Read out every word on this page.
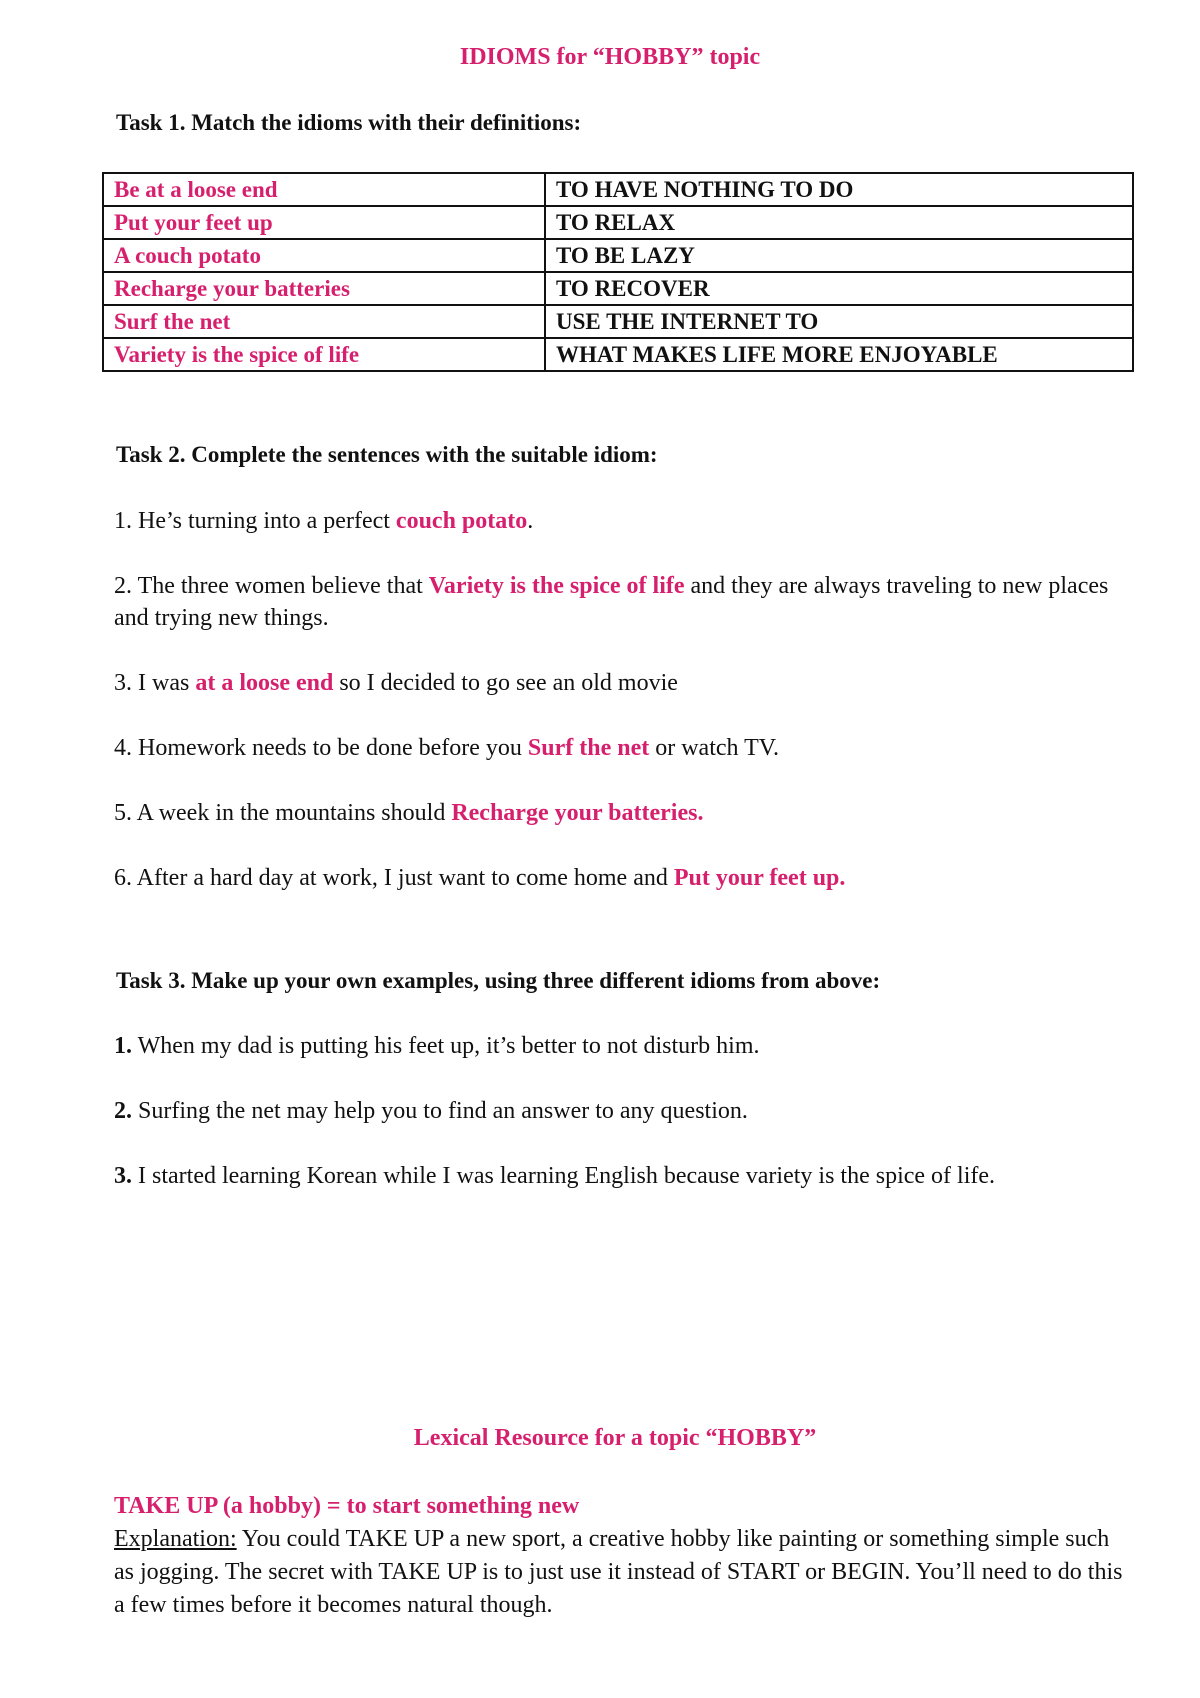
IDIOMS for “HOBBY” topic
Task 1. Match the idioms with their definitions:
Be at a loose end	TO HAVE NOTHING TO DO
Put your feet up	TO RELAX
A couch potato	TO BE LAZY
Recharge your batteries	TO RECOVER
Surf the net	USE THE INTERNET TO
Variety is the spice of life	WHAT MAKES LIFE MORE ENJOYABLE
Task 2. Complete the sentences with the suitable idiom:

1. He’s turning into a perfect couch potato.

2. The three women believe that Variety is the spice of life and they are always traveling to new places and trying new things.

3. I was at a loose end so I decided to go see an old movie

4. Homework needs to be done before you Surf the net or watch TV.

5. A week in the mountains should Recharge your batteries.

6. After a hard day at work, I just want to come home and Put your feet up.

Task 3. Make up your own examples, using three different idioms from above:

1. When my dad is putting his feet up, it’s better to not disturb him.

2. Surfing the net may help you to find an answer to any question.

3. I started learning Korean while I was learning English because variety is the spice of life.

Lexical Resource for a topic “HOBBY”

TAKE UP (a hobby) = to start something new

Explanation: You could TAKE UP a new sport, a creative hobby like painting or something simple such as jogging. The secret with TAKE UP is to just use it instead of START or BEGIN. You’ll need to do this a few times before it becomes natural though.
